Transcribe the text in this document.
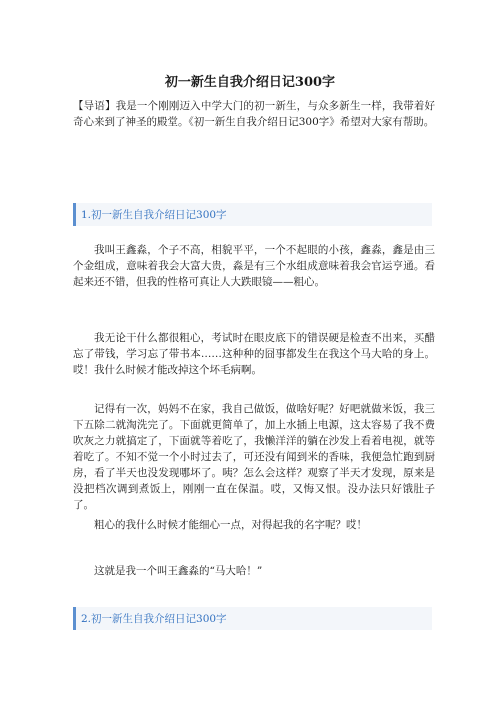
初一新生自我介绍日记300字

【导语】我是一个刚刚迈入中学大门的初一新生，与众多新生一样，我带着好奇心来到了神圣的殿堂。《初一新生自我介绍日记300字》希望对大家有帮助。

1.初一新生自我介绍日记300字

我叫王鑫淼，个子不高，相貌平平，一个不起眼的小孩，鑫淼，鑫是由三个金组成，意味着我会大富大贵，淼是有三个水组成意味着我会官运亨通。看起来还不错，但我的性格可真让人大跌眼镜——粗心。

我无论干什么都很粗心，考试时在眼皮底下的错误硬是检查不出来，买醋忘了带钱，学习忘了带书本……这种种的囧事都发生在我这个马大哈的身上。哎！我什么时候才能改掉这个坏毛病啊。

记得有一次，妈妈不在家，我自己做饭，做啥好呢？好吧就做米饭，我三下五除二就淘洗完了。下面就更简单了，加上水插上电源，这太容易了我不费吹灰之力就搞定了，下面就等着吃了，我懒洋洋的躺在沙发上看着电视，就等着吃了。不知不觉一个小时过去了，可还没有闻到米的香味，我便急忙跑到厨房，看了半天也没发现哪坏了。咦？怎么会这样？观察了半天才发现，原来是没把档次调到煮饭上，刚刚一直在保温。哎，又悔又恨。没办法只好饿肚子了。

粗心的我什么时候才能细心一点，对得起我的名字呢？哎！

这就是我一个叫王鑫淼的“马大哈！”

2.初一新生自我介绍日记300字
